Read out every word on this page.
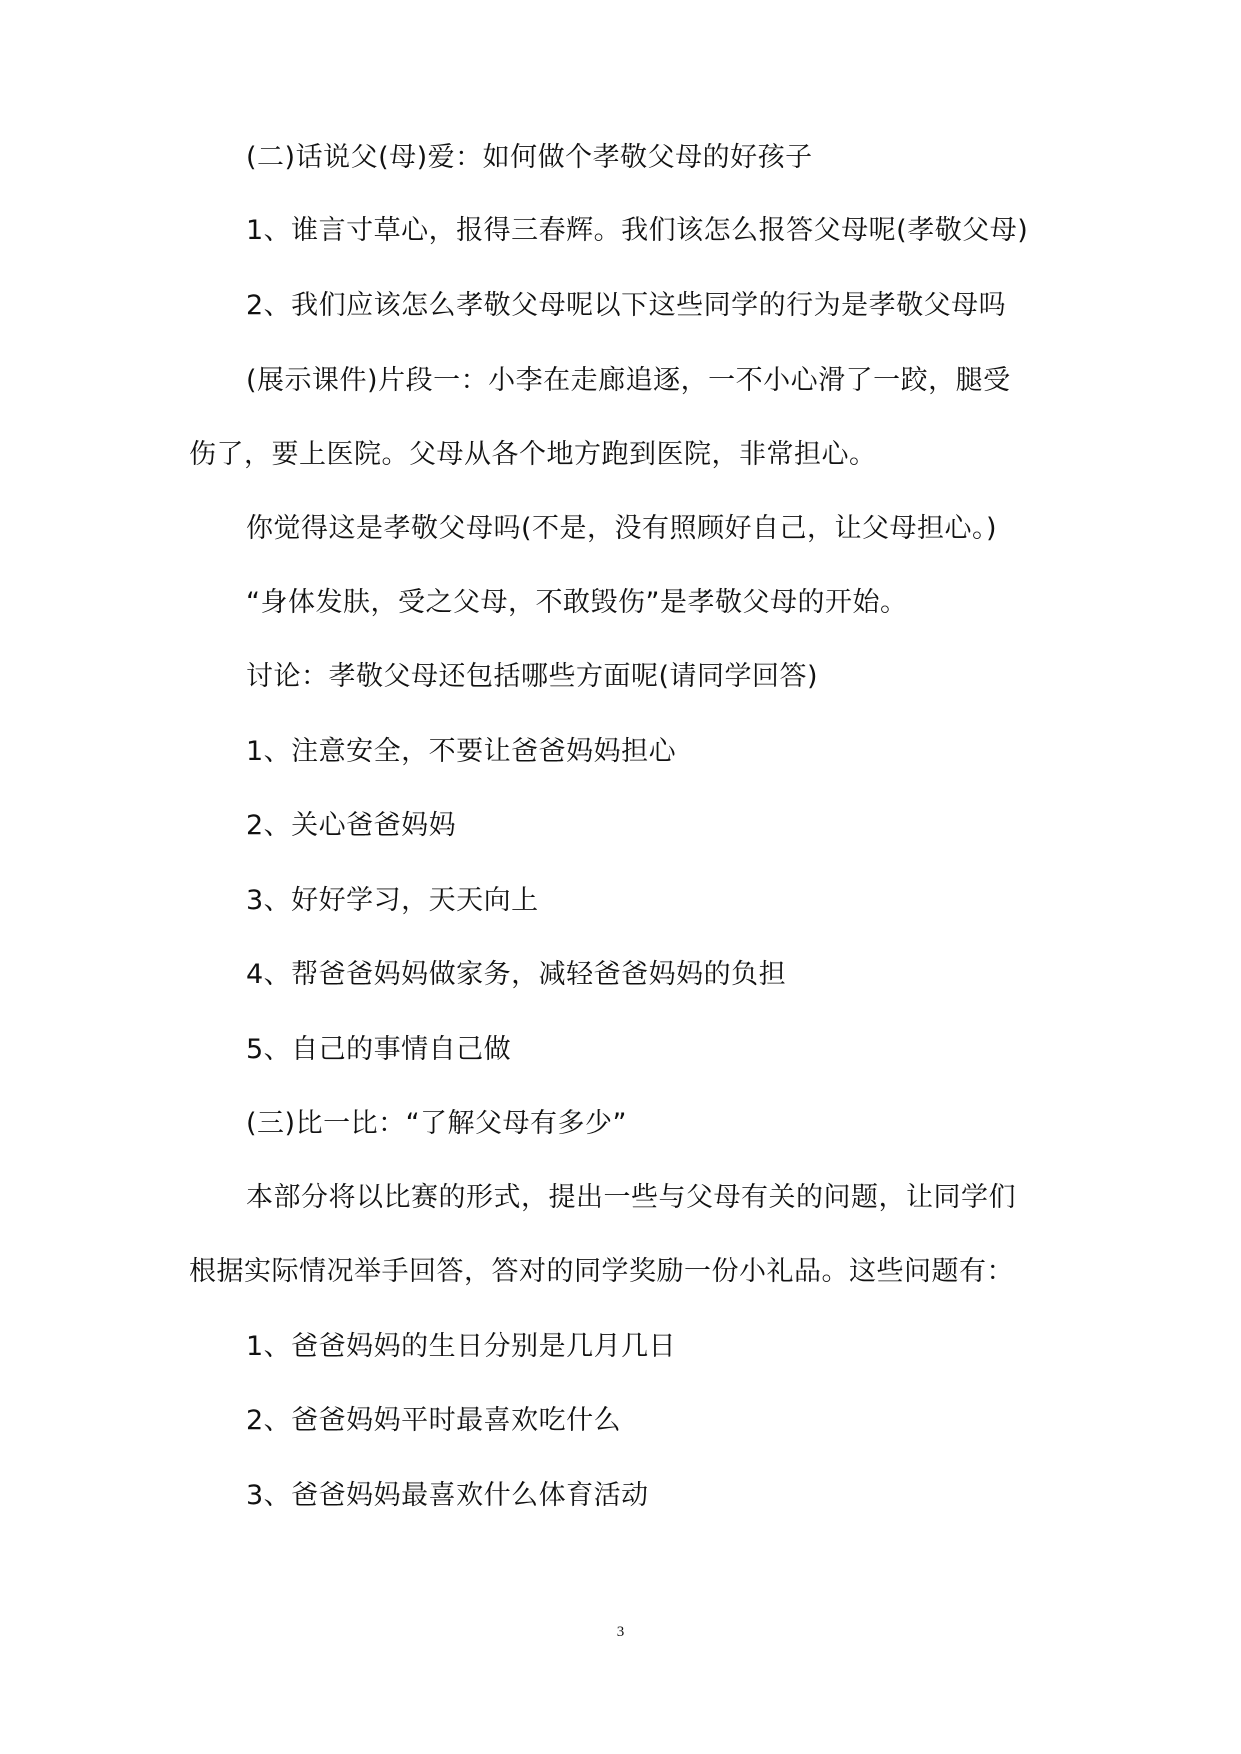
(二)话说父(母)爱：如何做个孝敬父母的好孩子
1、谁言寸草心，报得三春辉。我们该怎么报答父母呢(孝敬父母)
2、我们应该怎么孝敬父母呢以下这些同学的行为是孝敬父母吗
(展示课件)片段一：小李在走廊追逐，一不小心滑了一跤，腿受
伤了，要上医院。父母从各个地方跑到医院，非常担心。
你觉得这是孝敬父母吗(不是，没有照顾好自己，让父母担心。)
“身体发肤，受之父母，不敢毁伤”是孝敬父母的开始。
讨论：孝敬父母还包括哪些方面呢(请同学回答)
1、注意安全，不要让爸爸妈妈担心
2、关心爸爸妈妈
3、好好学习，天天向上
4、帮爸爸妈妈做家务，减轻爸爸妈妈的负担
5、自己的事情自己做
(三)比一比：“了解父母有多少”
本部分将以比赛的形式，提出一些与父母有关的问题，让同学们
根据实际情况举手回答，答对的同学奖励一份小礼品。这些问题有：
1、爸爸妈妈的生日分别是几月几日
2、爸爸妈妈平时最喜欢吃什么
3、爸爸妈妈最喜欢什么体育活动
3
